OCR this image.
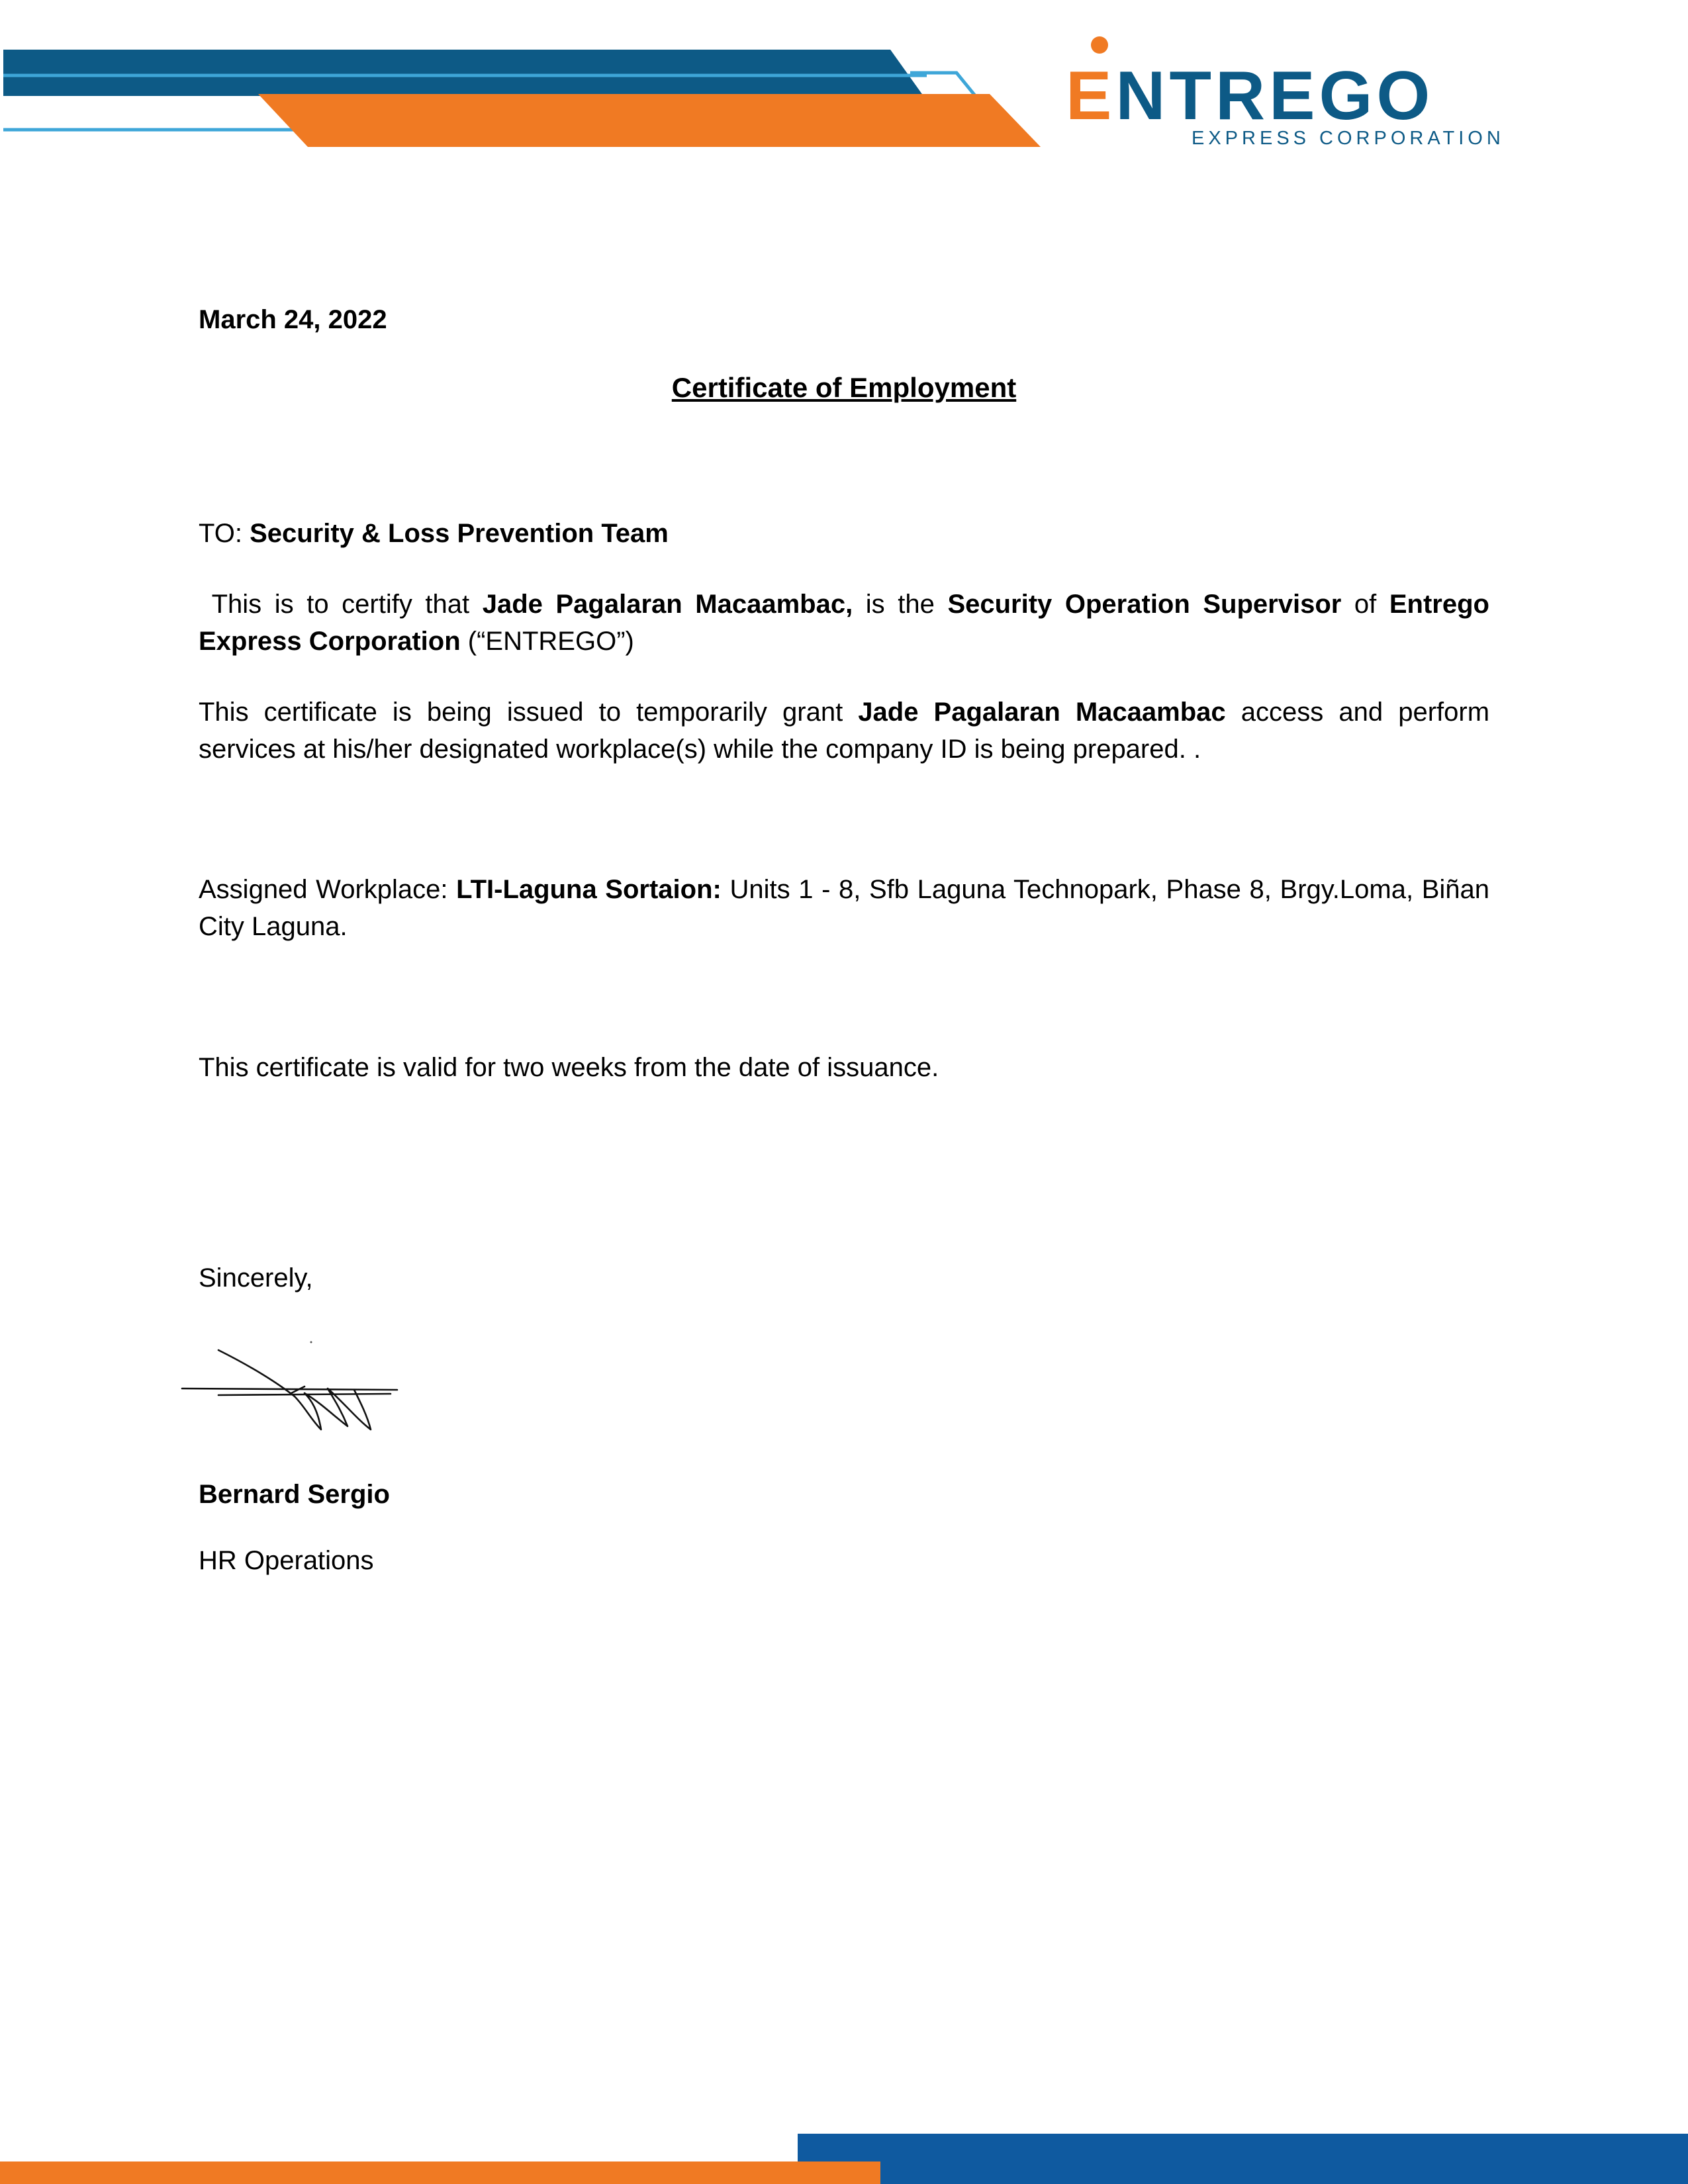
ENTREGO
EXPRESS CORPORATION
March 24, 2022
Certificate of Employment
TO: Security & Loss Prevention Team
This is to certify that Jade Pagalaran Macaambac, is the Security Operation Supervisor of Entrego Express Corporation (“ENTREGO”)
This certificate is being issued to temporarily grant Jade Pagalaran Macaambac access and perform services at his/her designated workplace(s) while the company ID is being prepared. .
Assigned Workplace: LTI-Laguna Sortaion: Units 1 - 8, Sfb Laguna Technopark, Phase 8, Brgy.Loma, Biñan City Laguna.
This certificate is valid for two weeks from the date of issuance.
Sincerely,
Bernard Sergio
HR Operations
